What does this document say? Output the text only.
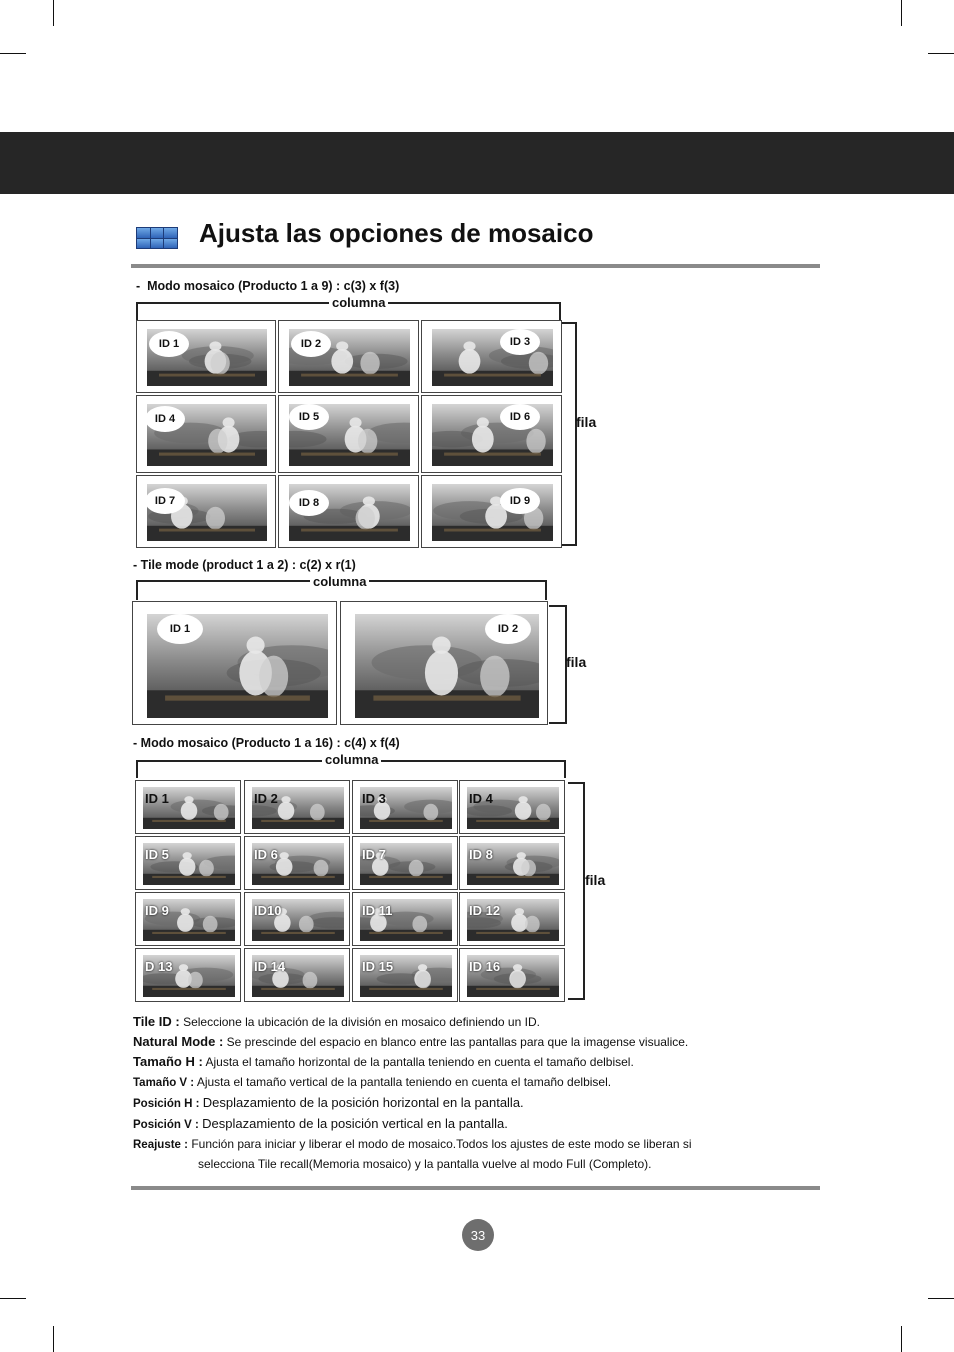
Ajusta las opciones de mosaico
- Modo mosaico (Producto 1 a 9) : c(3) x f(3)
columna
fila
ID 1	ID 2	ID 3
ID 4	ID 5	ID 6
ID 7	ID 8	ID 9
- Tile mode (product 1 a 2) : c(2) x r(1)
columna
fila
ID 1	ID 2
- Modo mosaico (Producto 1 a 16) : c(4) x f(4)
columna
fila
ID 1	ID 2	ID 3	ID 4
ID 5	ID 6	ID 7	ID 8
ID 9	ID10	ID 11	ID 12
D 13	ID 14	ID 15	ID 16
Tile ID : Seleccione la ubicación de la división en mosaico definiendo un ID.
Natural Mode : Se prescinde del espacio en blanco entre las pantallas para que la imagense visualice.
Tamaño H : Ajusta el tamaño horizontal de la pantalla teniendo en cuenta el tamaño delbisel.
Tamaño V : Ajusta el tamaño vertical de la pantalla teniendo en cuenta el tamaño delbisel.
Posición H : Desplazamiento de la posición horizontal en la pantalla.
Posición V : Desplazamiento de la posición vertical en la pantalla.
Reajuste : Función para iniciar y liberar el modo de mosaico.Todos los ajustes de este modo se liberan si
selecciona Tile recall(Memoria mosaico) y la pantalla vuelve al modo Full (Completo).
33
